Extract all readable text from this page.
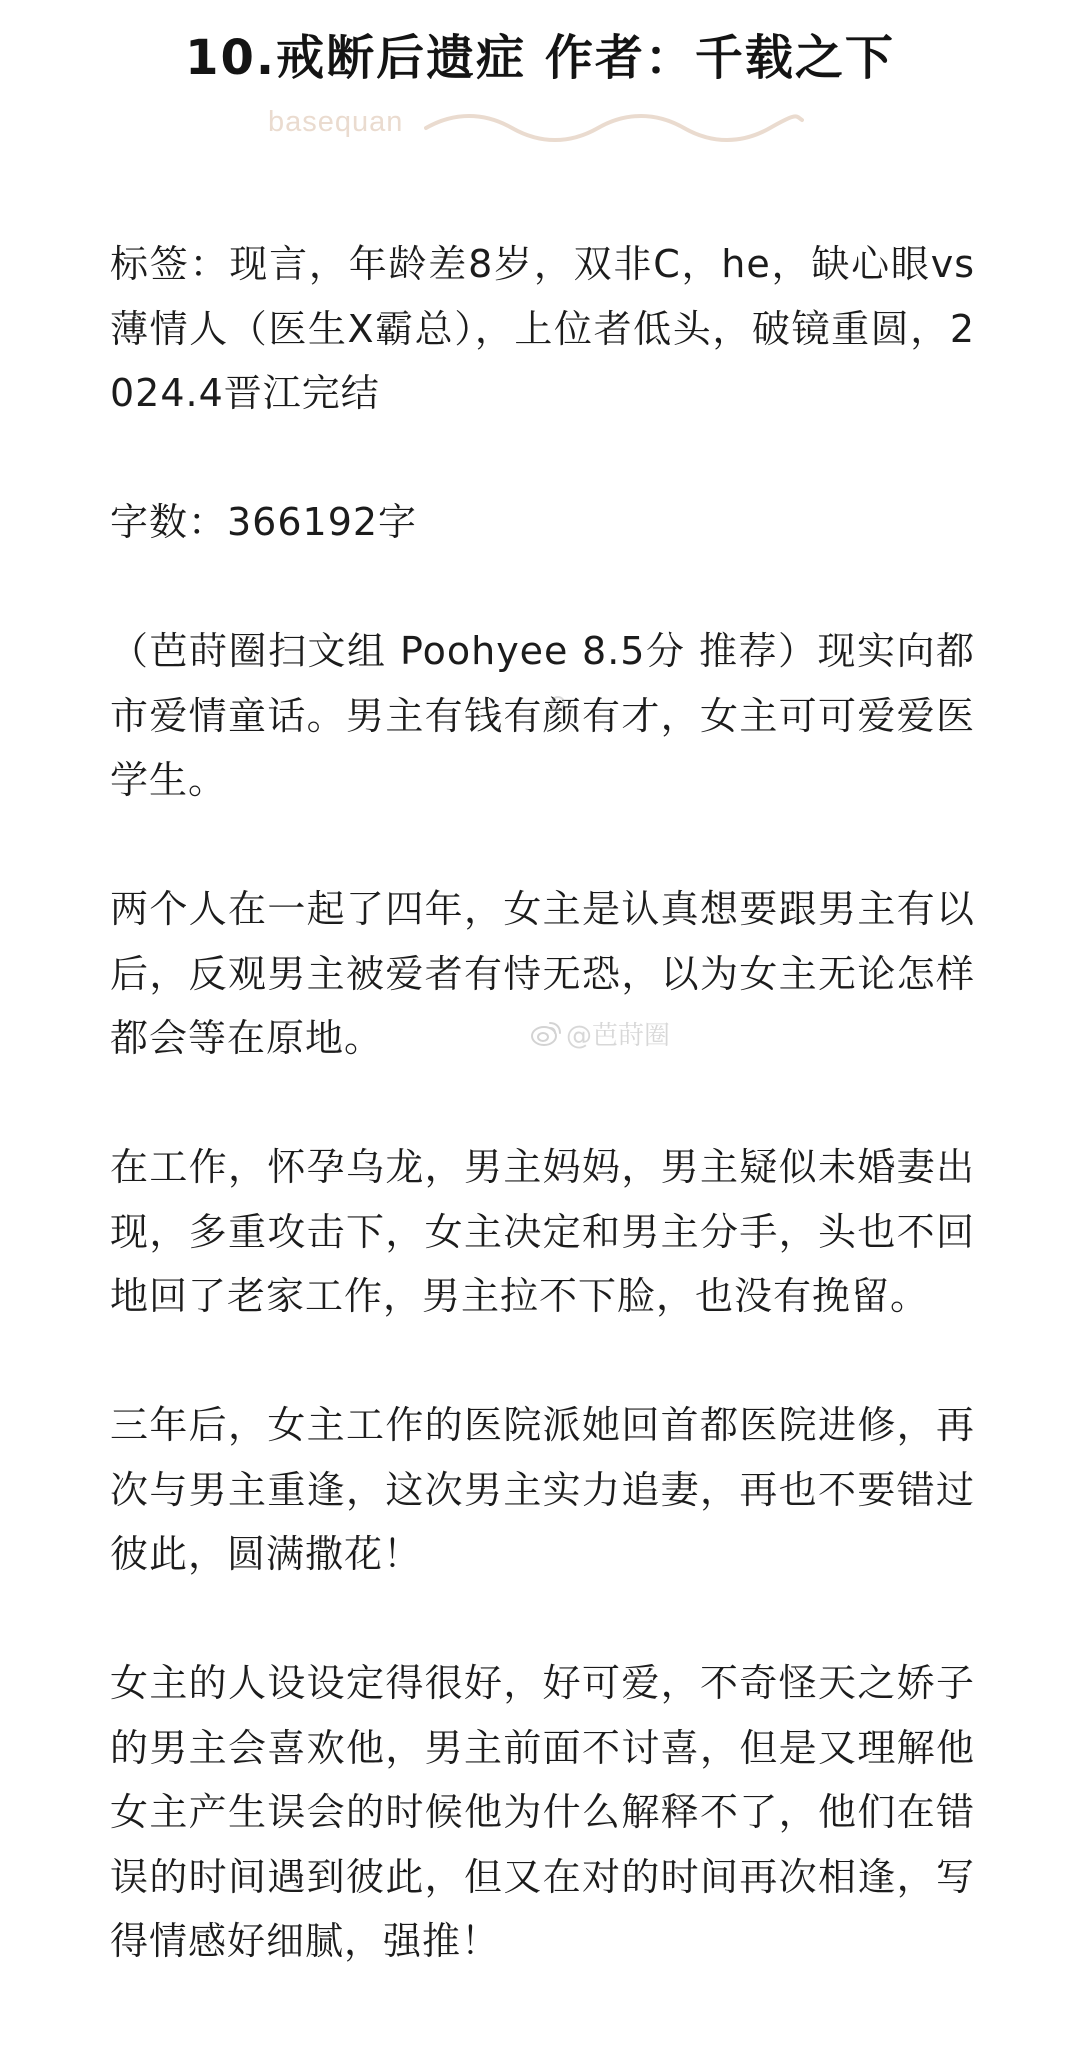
10.戒断后遗症 作者：千载之下
basequan

标签：现言，年龄差8岁，双非C，he，缺心眼vs薄情人（医生X霸总），上位者低头，破镜重圆，2024.4晋江完结

字数：366192字

（芭莳圈扫文组 Poohyee 8.5分 推荐）现实向都市爱情童话。男主有钱有颜有才，女主可可爱爱医学生。

两个人在一起了四年，女主是认真想要跟男主有以后，反观男主被爱者有恃无恐，以为女主无论怎样都会等在原地。

在工作，怀孕乌龙，男主妈妈，男主疑似未婚妻出现，多重攻击下，女主决定和男主分手，头也不回地回了老家工作，男主拉不下脸，也没有挽留。

三年后，女主工作的医院派她回首都医院进修，再次与男主重逢，这次男主实力追妻，再也不要错过彼此，圆满撒花！

女主的人设设定得很好，好可爱，不奇怪天之娇子的男主会喜欢他，男主前面不讨喜，但是又理解他女主产生误会的时候他为什么解释不了，他们在错误的时间遇到彼此，但又在对的时间再次相逢，写得情感好细腻，强推！

@芭莳圈
